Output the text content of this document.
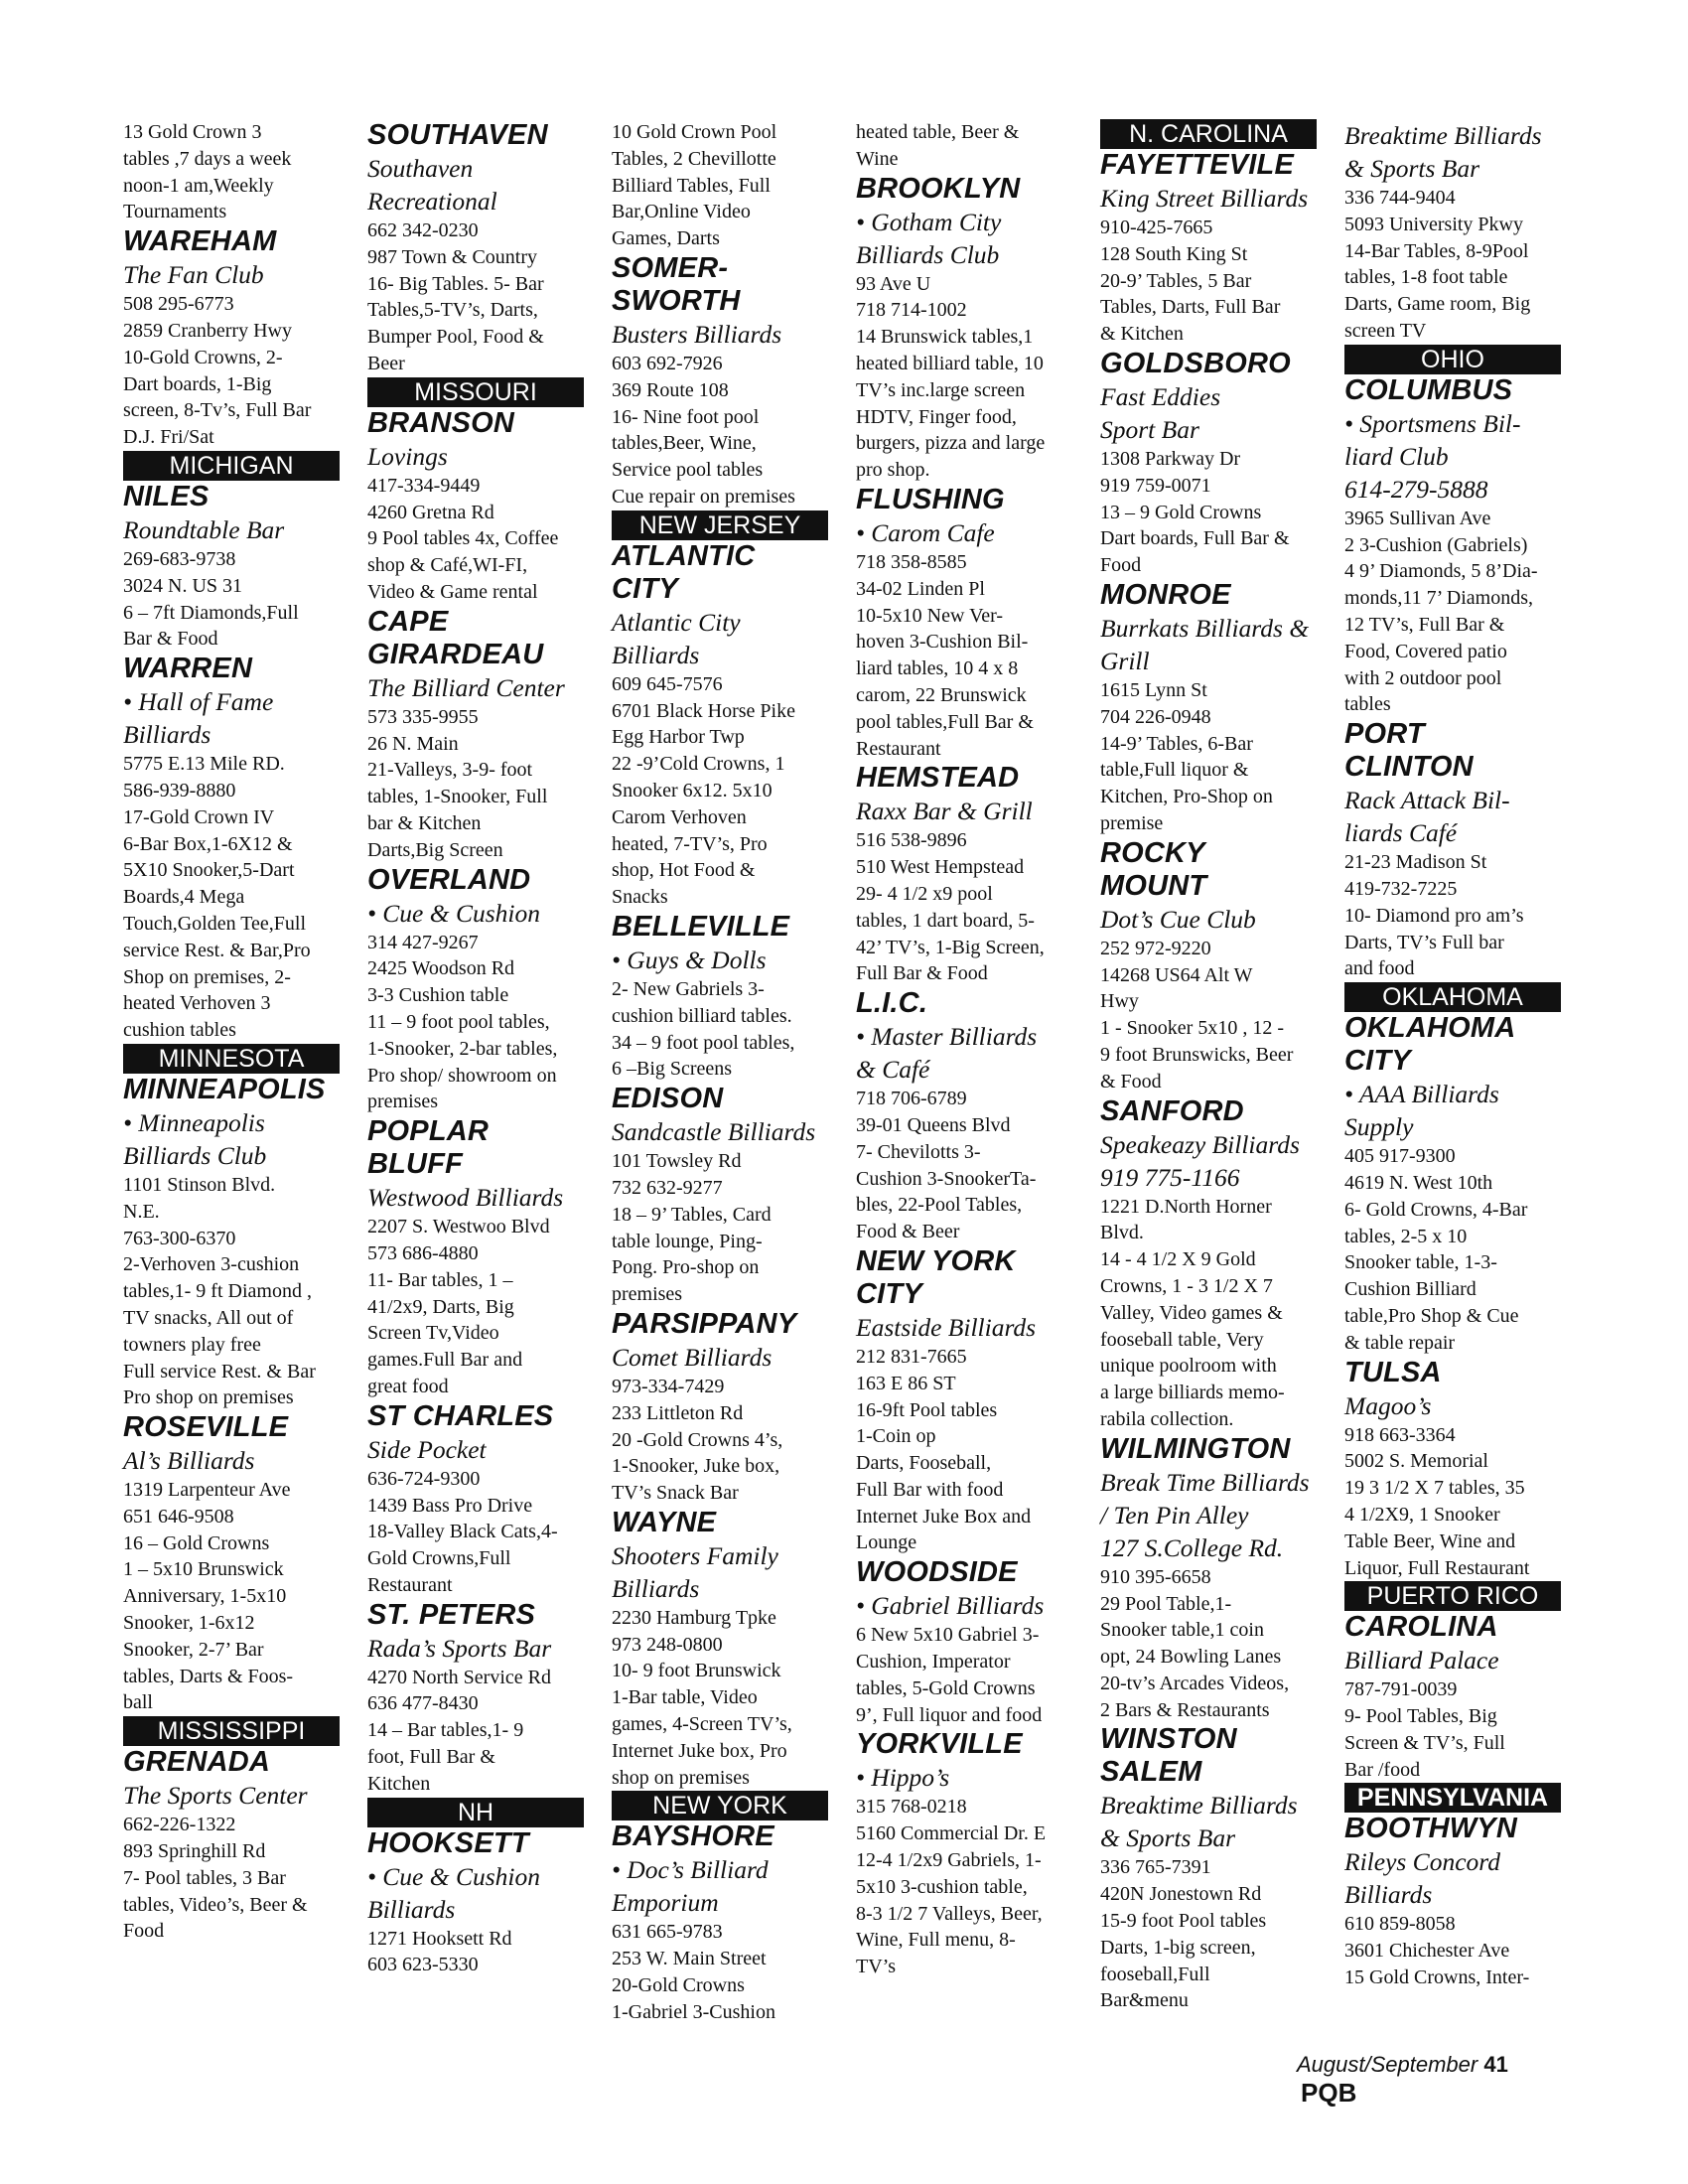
13 Gold Crown 3
tables ,7 days a week
noon-1 am,Weekly
Tournaments
WAREHAM
The Fan Club
508 295-6773
2859 Cranberry Hwy
10-Gold Crowns, 2-
Dart boards, 1-Big
screen, 8-Tv’s, Full Bar
D.J. Fri/Sat
MICHIGAN
NILES
Roundtable Bar
269-683-9738
3024 N. US 31
6 – 7ft Diamonds,Full
Bar & Food
WARREN
• Hall of Fame
Billiards
5775 E.13 Mile RD.
586-939-8880
17-Gold Crown IV
6-Bar Box,1-6X12 &
5X10 Snooker,5-Dart
Boards,4 Mega
Touch,Golden Tee,Full
service Rest. & Bar,Pro
Shop on premises, 2-
heated Verhoven 3
cushion tables
MINNESOTA
MINNEAPOLIS
• Minneapolis
Billiards Club
1101 Stinson Blvd.
N.E.
763-300-6370
2-Verhoven 3-cushion
tables,1- 9 ft Diamond ,
TV snacks, All out of
towners play free
Full service Rest. & Bar
Pro shop on premises
ROSEVILLE
Al’s Billiards
1319 Larpenteur Ave
651 646-9508
16 – Gold Crowns
1 – 5x10 Brunswick
Anniversary, 1-5x10
Snooker, 1-6x12
Snooker, 2-7’ Bar
tables, Darts & Foos-
ball
MISSISSIPPI
GRENADA
The Sports Center
662-226-1322
893 Springhill Rd
7- Pool tables, 3 Bar
tables, Video’s, Beer &
Food
SOUTHAVEN
Southaven
Recreational
662 342-0230
987 Town & Country
16- Big Tables. 5- Bar
Tables,5-TV’s, Darts,
Bumper Pool, Food &
Beer
MISSOURI
BRANSON
Lovings
417-334-9449
4260 Gretna Rd
9 Pool tables 4x, Coffee
shop & Café,WI-FI,
Video & Game rental
CAPE
GIRARDEAU
The Billiard Center
573 335-9955
26 N. Main
21-Valleys, 3-9- foot
tables, 1-Snooker, Full
bar & Kitchen
Darts,Big Screen
OVERLAND
• Cue & Cushion
314 427-9267
2425 Woodson Rd
3-3 Cushion table
11 – 9 foot pool tables,
1-Snooker, 2-bar tables,
Pro shop/ showroom on
premises
POPLAR
BLUFF
Westwood Billiards
2207 S. Westwoo Blvd
573 686-4880
11- Bar tables, 1 –
41/2x9, Darts, Big
Screen Tv,Video
games.Full Bar and
great food
ST CHARLES
Side Pocket
636-724-9300
1439 Bass Pro Drive
18-Valley Black Cats,4-
Gold Crowns,Full
Restaurant
ST. PETERS
Rada’s Sports Bar
4270 North Service Rd
636 477-8430
14 – Bar tables,1- 9
foot, Full Bar &
Kitchen
NH
HOOKSETT
• Cue & Cushion
Billiards
1271 Hooksett Rd
603 623-5330
10 Gold Crown Pool
Tables, 2 Chevillotte
Billiard Tables, Full
Bar,Online Video
Games, Darts
SOMER-
SWORTH
Busters Billiards
603 692-7926
369 Route 108
16- Nine foot pool
tables,Beer, Wine,
Service pool tables
Cue repair on premises
NEW JERSEY
ATLANTIC CITY
Atlantic City
Billiards
609 645-7576
6701 Black Horse Pike
Egg Harbor Twp
22 -9’Cold Crowns, 1
Snooker 6x12. 5x10
Carom Verhoven
heated, 7-TV’s, Pro
shop, Hot Food &
Snacks
BELLEVILLE
• Guys & Dolls
2- New Gabriels 3-
cushion billiard tables.
34 – 9 foot pool tables,
6 –Big Screens
EDISON
Sandcastle Billiards
101 Towsley Rd
732 632-9277
18 – 9’ Tables, Card
table lounge, Ping-
Pong. Pro-shop on
premises
PARSIPPANY
Comet Billiards
973-334-7429
233 Littleton Rd
20 -Gold Crowns 4’s,
1-Snooker, Juke box,
TV’s Snack Bar
WAYNE
Shooters Family
Billiards
2230 Hamburg Tpke
973 248-0800
10- 9 foot Brunswick
1-Bar table, Video
games, 4-Screen TV’s,
Internet Juke box, Pro
shop on premises
NEW YORK
BAYSHORE
• Doc’s Billiard
Emporium
631 665-9783
253 W. Main Street
20-Gold Crowns
1-Gabriel 3-Cushion
heated table, Beer &
Wine
BROOKLYN
• Gotham City
Billiards Club
93 Ave U
718 714-1002
14 Brunswick tables,1
heated billiard table, 10
TV’s inc.large screen
HDTV, Finger food,
burgers, pizza and large
pro shop.
FLUSHING
• Carom Cafe
718 358-8585
34-02 Linden Pl
10-5x10 New Ver-
hoven 3-Cushion Bil-
liard tables, 10 4 x 8
carom, 22 Brunswick
pool tables,Full Bar &
Restaurant
HEMSTEAD
Raxx Bar & Grill
516 538-9896
510 West Hempstead
29- 4 1/2 x9 pool
tables, 1 dart board, 5-
42’ TV’s, 1-Big Screen,
Full Bar & Food
L.I.C.
• Master Billiards
& Café
718 706-6789
39-01 Queens Blvd
7- Chevilotts 3-
Cushion 3-SnookerTa-
bles, 22-Pool Tables,
Food & Beer
NEW YORK
CITY
Eastside Billiards
212 831-7665
163 E 86 ST
16-9ft Pool tables
1-Coin op
Darts, Fooseball,
Full Bar with food
Internet Juke Box and
Lounge
WOODSIDE
• Gabriel Billiards
6 New 5x10 Gabriel 3-
Cushion, Imperator
tables, 5-Gold Crowns
9’, Full liquor and food
YORKVILLE
• Hippo’s
315 768-0218
5160 Commercial Dr. E
12-4 1/2x9 Gabriels, 1-
5x10 3-cushion table,
8-3 1/2 7 Valleys, Beer,
Wine, Full menu, 8-
TV’s
N. CAROLINA
FAYETTEVILE
King Street Billiards
910-425-7665
128 South King St
20-9’ Tables, 5 Bar
Tables, Darts, Full Bar
& Kitchen
GOLDSBORO
Fast Eddies
Sport Bar
1308 Parkway Dr
919 759-0071
13 – 9 Gold Crowns
Dart boards, Full Bar &
Food
MONROE
Burrkats Billiards &
Grill
1615 Lynn St
704 226-0948
14-9’ Tables, 6-Bar
table,Full liquor &
Kitchen, Pro-Shop on
premise
ROCKY MOUNT
Dot’s Cue Club
252 972-9220
14268 US64 Alt W
Hwy
1 - Snooker 5x10 , 12 -
9 foot Brunswicks, Beer
& Food
SANFORD
Speakeazy Billiards
919 775-1166
1221 D.North Horner
Blvd.
14 - 4 1/2 X 9 Gold
Crowns, 1 - 3 1/2 X 7
Valley, Video games &
fooseball table, Very
unique poolroom with
a large billiards memo-
rabila collection.
WILMINGTON
Break Time Billiards
/ Ten Pin Alley
127 S.College Rd.
910 395-6658
29 Pool Table,1-
Snooker table,1 coin
opt, 24 Bowling Lanes
20-tv’s Arcades Videos,
2 Bars & Restaurants
WINSTON
SALEM
Breaktime Billiards
& Sports Bar
336 765-7391
420N Jonestown Rd
15-9 foot Pool tables
Darts, 1-big screen,
fooseball,Full
Bar&menu
Breaktime Billiards
& Sports Bar
336 744-9404
5093 University Pkwy
14-Bar Tables, 8-9Pool
tables, 1-8 foot table
Darts, Game room, Big
screen TV
OHIO
COLUMBUS
• Sportsmens Bil-
liard Club
614-279-5888
3965 Sullivan Ave
2 3-Cushion (Gabriels)
4 9’ Diamonds, 5 8’Dia-
monds,11 7’ Diamonds,
12 TV’s, Full Bar &
Food, Covered patio
with 2 outdoor pool
tables
PORT CLINTON
Rack Attack Bil-
liards Café
21-23 Madison St
419-732-7225
10- Diamond pro am’s
Darts, TV’s Full bar
and food
OKLAHOMA
OKLAHOMA
CITY
• AAA Billiards
Supply
405 917-9300
4619 N. West 10th
6- Gold Crowns, 4-Bar
tables, 2-5 x 10
Snooker table, 1-3-
Cushion Billiard
table,Pro Shop & Cue
& table repair
TULSA
Magoo’s
918 663-3364
5002 S. Memorial
19 3 1/2 X 7 tables, 35
4 1/2X9, 1 Snooker
Table Beer, Wine and
Liquor, Full Restaurant
PUERTO RICO
CAROLINA
Billiard Palace
787-791-0039
9- Pool Tables, Big
Screen & TV’s, Full
Bar /food
PENNSYLVANIA
BOOTHWYN
Rileys Concord
Billiards
610 859-8058
3601 Chichester Ave
15 Gold Crowns, Inter-
August/September 41 PQB
